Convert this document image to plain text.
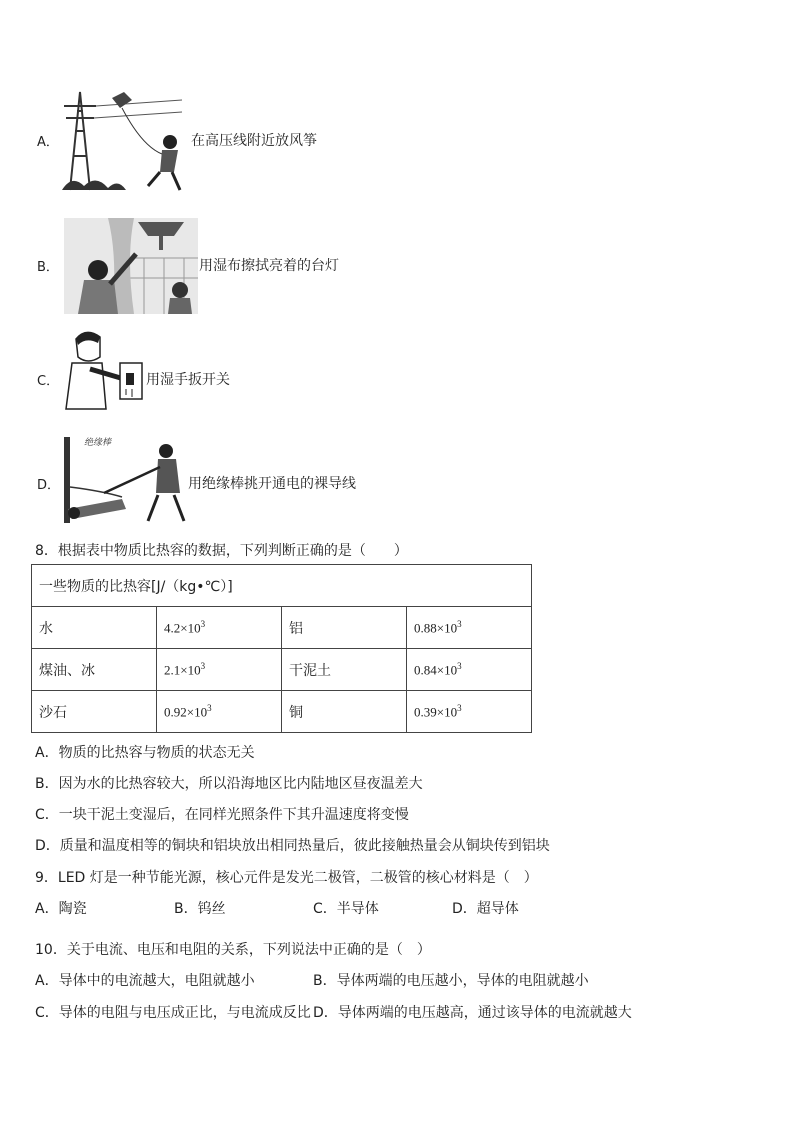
A．	在高压线附近放风筝
B．	用湿布擦拭亮着的台灯
C．	用湿手扳开关
D．
绝缘棒
用绝缘棒挑开通电的裸导线
8．根据表中物质比热容的数据，下列判断正确的是（　　）
一些物质的比热容[J/（kg•℃）]			
水	$4.2\times 10^3$	铝	$0.88\times 10^3$
煤油、冰	$2.1\times 10^3$	干泥土	$0.84\times 10^3$
沙石	$0.92\times 10^3$	铜	$0.39\times 10^3$
A．物质的比热容与物质的状态无关
B．因为水的比热容较大，所以沿海地区比内陆地区昼夜温差大
C．一块干泥土变湿后，在同样光照条件下其升温速度将变慢
D．质量和温度相等的铜块和铝块放出相同热量后，彼此接触热量会从铜块传到铝块
9．LED 灯是一种节能光源，核心元件是发光二极管，二极管的核心材料是（　）
A．陶瓷	B．钨丝	C．半导体	D．超导体
10．关于电流、电压和电阻的关系，下列说法中正确的是（　）
A．导体中的电流越大，电阻就越小	B．导体两端的电压越小，导体的电阻就越小
C．导体的电阻与电压成正比，与电流成反比 D．导体两端的电压越高，通过该导体的电流就越大
